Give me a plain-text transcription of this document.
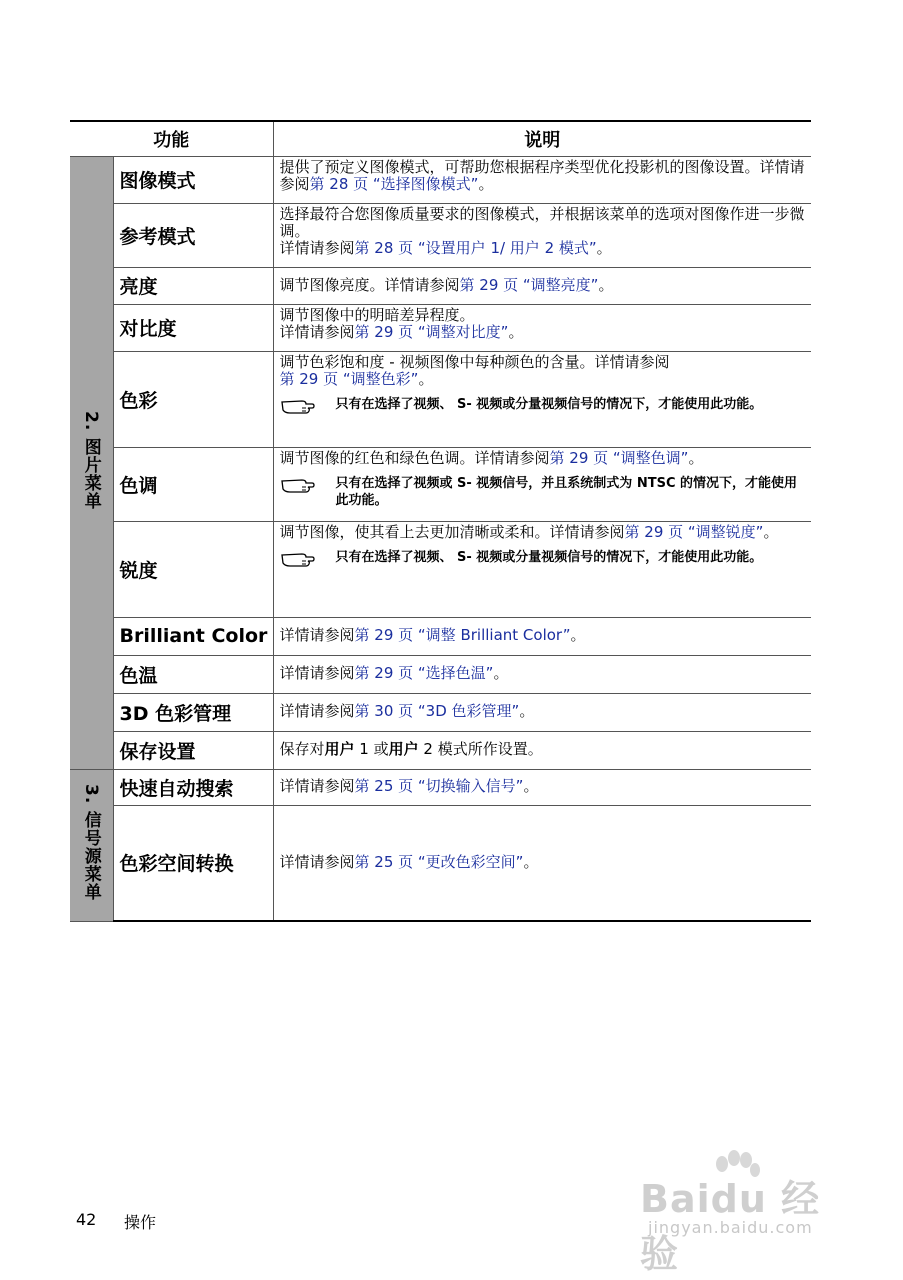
功能		说明
2. 图片菜单	图像模式	提供了预定义图像模式，可帮助您根据程序类型优化投影机的图像设置。详情请参阅第 28 页 “选择图像模式”。
	参考模式	选择最符合您图像质量要求的图像模式，并根据该菜单的选项对图像作进一步微调。
详情请参阅第 28 页 “设置用户 1/ 用户 2 模式”。
	亮度	调节图像亮度。详情请参阅第 29 页 “调整亮度”。
	对比度	调节图像中的明暗差异程度。
详情请参阅第 29 页 “调整对比度”。
	色彩	调节色彩饱和度 - 视频图像中每种颜色的含量。详情请参阅
第 29 页 “调整色彩”。
只有在选择了视频、 S- 视频或分量视频信号的情况下，才能使用此功能。

	色调	调节图像的红色和绿色色调。详情请参阅第 29 页 “调整色调”。
只有在选择了视频或 S- 视频信号，并且系统制式为 NTSC 的情况下，才能使用此功能。

	锐度	调节图像，使其看上去更加清晰或柔和。详情请参阅第 29 页 “调整锐度”。
只有在选择了视频、 S- 视频或分量视频信号的情况下，才能使用此功能。

	Brilliant Color	详情请参阅第 29 页 “调整 Brilliant Color”。
	色温	详情请参阅第 29 页 “选择色温”。
	3D 色彩管理	详情请参阅第 30 页 “3D 色彩管理”。
	保存设置	保存对用户 1 或用户 2 模式所作设置。
3. 信号源菜单	快速自动搜索	详情请参阅第 25 页 “切换输入信号”。
	色彩空间转换	详情请参阅第 25 页 “更改色彩空间”。
42 操作
Baidu 经验
jingyan.baidu.com
